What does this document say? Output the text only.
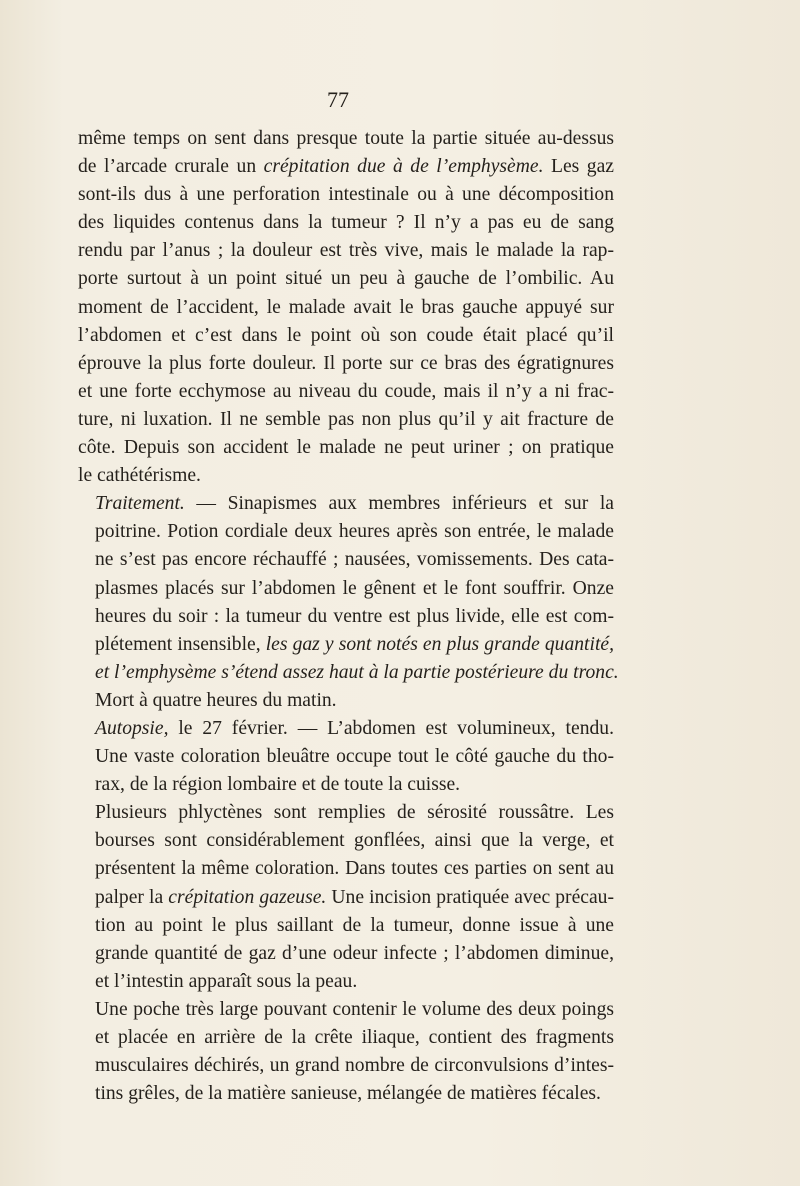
77

même temps on sent dans presque toute la partie située au-dessus
de l’arcade crurale un crépitation due à de l’emphysème. Les gaz
sont-ils dus à une perforation intestinale ou à une décomposition
des liquides contenus dans la tumeur ? Il n’y a pas eu de sang
rendu par l’anus ; la douleur est très vive, mais le malade la rap-
porte surtout à un point situé un peu à gauche de l’ombilic. Au
moment de l’accident, le malade avait le bras gauche appuyé sur
l’abdomen et c’est dans le point où son coude était placé qu’il
éprouve la plus forte douleur. Il porte sur ce bras des égratignures
et une forte ecchymose au niveau du coude, mais il n’y a ni frac-
ture, ni luxation. Il ne semble pas non plus qu’il y ait fracture de
côte. Depuis son accident le malade ne peut uriner ; on pratique
le cathétérisme.

Traitement. — Sinapismes aux membres inférieurs et sur la
poitrine. Potion cordiale deux heures après son entrée, le malade
ne s’est pas encore réchauffé ; nausées, vomissements. Des cata-
plasmes placés sur l’abdomen le gênent et le font souffrir. Onze
heures du soir : la tumeur du ventre est plus livide, elle est com-
plétement insensible, les gaz y sont notés en plus grande quantité,
et l’emphysème s’étend assez haut à la partie postérieure du tronc.

Mort à quatre heures du matin.

Autopsie, le 27 février. — L’abdomen est volumineux, tendu.
Une vaste coloration bleuâtre occupe tout le côté gauche du tho-
rax, de la région lombaire et de toute la cuisse.

Plusieurs phlyctènes sont remplies de sérosité roussâtre. Les
bourses sont considérablement gonflées, ainsi que la verge, et
présentent la même coloration. Dans toutes ces parties on sent au
palper la crépitation gazeuse. Une incision pratiquée avec précau-
tion au point le plus saillant de la tumeur, donne issue à une
grande quantité de gaz d’une odeur infecte ; l’abdomen diminue,
et l’intestin apparaît sous la peau.

Une poche très large pouvant contenir le volume des deux poings
et placée en arrière de la crête iliaque, contient des fragments
musculaires déchirés, un grand nombre de circonvulsions d’intes-
tins grêles, de la matière sanieuse, mélangée de matières fécales.
